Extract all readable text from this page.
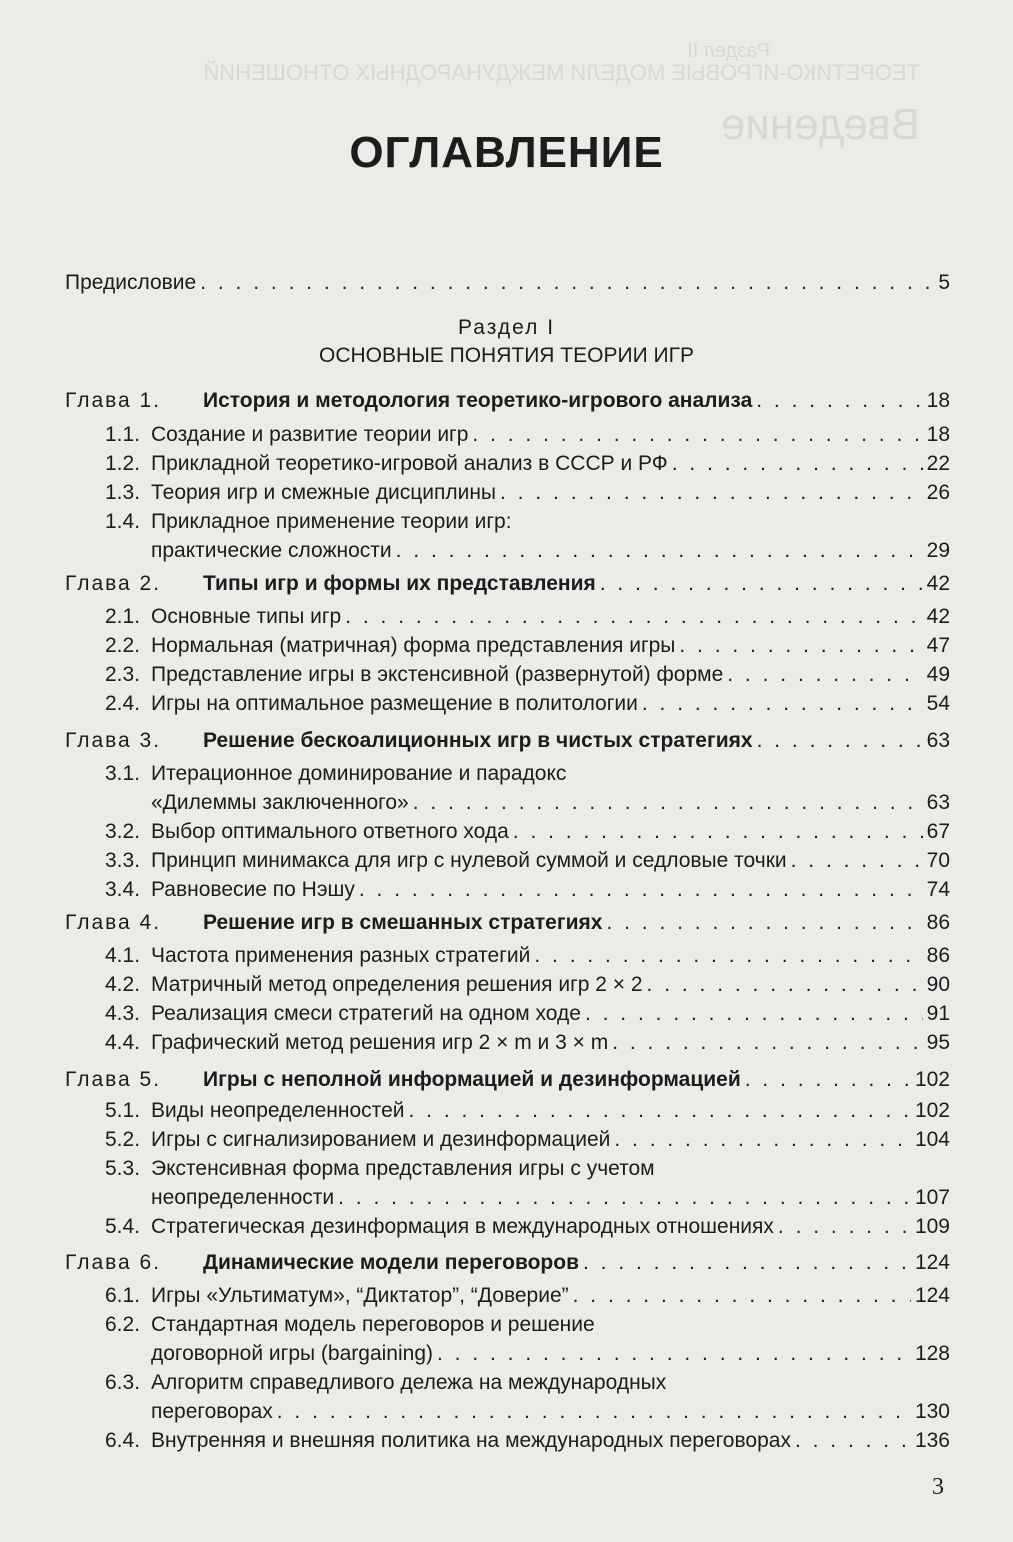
Раздел II
ТЕОРЕТИКО-ИГРОВЫЕ МОДЕЛИ МЕЖДУНАРОДНЫХ ОТНОШЕНИЙ
Введение
ОГЛАВЛЕНИЕ
Предисловие . . .	5
Раздел I
ОСНОВНЫЕ ПОНЯТИЯ ТЕОРИИ ИГР
Глава 1.	История и методология теоретико-игрового анализа . . .	18
1.1. Создание и развитие теории игр . . .	18
1.2. Прикладной теоретико-игровой анализ в СССР и РФ . . .	22
1.3. Теория игр и смежные дисциплины . . .	26
1.4. Прикладное применение теории игр:
практические сложности . . .	29
Глава 2.	Типы игр и формы их представления . . .	42
2.1. Основные типы игр . . .	42
2.2. Нормальная (матричная) форма представления игры . . .	47
2.3. Представление игры в экстенсивной (развернутой) форме . . .	49
2.4. Игры на оптимальное размещение в политологии . . .	54
Глава 3.	Решение бескоалиционных игр в чистых стратегиях . . .	63
3.1. Итерационное доминирование и парадокс
«Дилеммы заключенного» . . .	63
3.2. Выбор оптимального ответного хода . . .	67
3.3. Принцип минимакса для игр с нулевой суммой и седловые точки . . .	70
3.4. Равновесие по Нэшу . . .	74
Глава 4.	Решение игр в смешанных стратегиях . . .	86
4.1. Частота применения разных стратегий . . .	86
4.2. Матричный метод определения решения игр 2 × 2 . . .	90
4.3. Реализация смеси стратегий на одном ходе . . .	91
4.4. Графический метод решения игр 2 × m и 3 × m . . .	95
Глава 5.	Игры с неполной информацией и дезинформацией . . .	102
5.1. Виды неопределенностей . . .	102
5.2. Игры с сигнализированием и дезинформацией . . .	104
5.3. Экстенсивная форма представления игры с учетом
неопределенности . . .	107
5.4. Стратегическая дезинформация в международных отношениях . . .	109
Глава 6.	Динамические модели переговоров . . .	124
6.1. Игры «Ультиматум», “Диктатор”, “Доверие” . . .	124
6.2. Стандартная модель переговоров и решение
договорной игры (bargaining) . . .	128
6.3. Алгоритм справедливого дележа на международных
переговорах . . .	130
6.4. Внутренняя и внешняя политика на международных переговорах . . .	136
3
